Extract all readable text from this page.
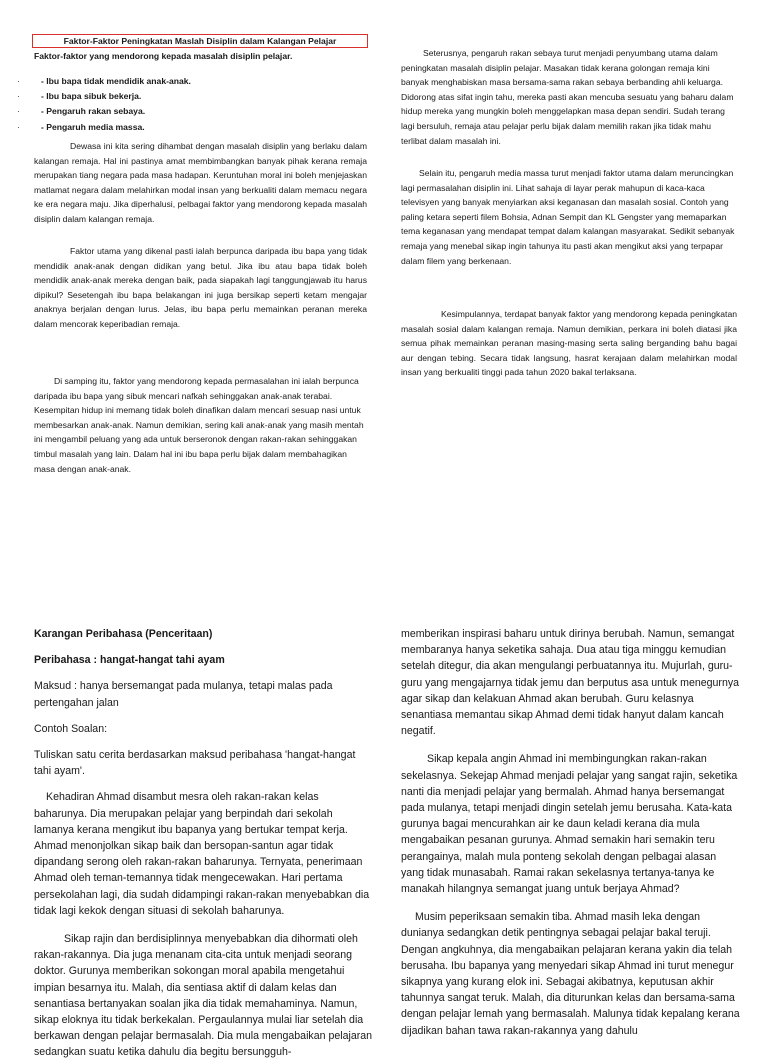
Faktor-Faktor Peningkatan Maslah Disiplin dalam Kalangan Pelajar
Faktor-faktor yang mendorong kepada masalah disiplin pelajar.
· - Ibu bapa tidak mendidik anak-anak.
· - Ibu bapa sibuk bekerja.
· - Pengaruh rakan sebaya.
· - Pengaruh media massa.

Dewasa ini kita sering dihambat dengan masalah disiplin yang berlaku dalam kalangan remaja. Hal ini pastinya amat membimbangkan banyak pihak kerana remaja merupakan tiang negara pada masa hadapan. Keruntuhan moral ini boleh menjejaskan matlamat negara dalam melahirkan modal insan yang berkualiti dalam memacu negara ke era negara maju. Jika diperhalusi, pelbagai faktor yang mendorong kepada masalah disiplin dalam kalangan remaja.

Faktor utama yang dikenal pasti ialah berpunca daripada ibu bapa yang tidak mendidik anak-anak dengan didikan yang betul. Jika ibu atau bapa tidak boleh mendidik anak-anak mereka dengan baik, pada siapakah lagi tanggungjawab itu harus dipikul? Sesetengah ibu bapa belakangan ini juga bersikap seperti ketam mengajar anaknya berjalan dengan lurus. Jelas, ibu bapa perlu memainkan peranan mereka dalam mencorak keperibadian remaja.

Di samping itu, faktor yang mendorong kepada permasalahan ini ialah berpunca daripada ibu bapa yang sibuk mencari nafkah sehinggakan anak-anak terabai. Kesempitan hidup ini memang tidak boleh dinafikan dalam mencari sesuap nasi untuk membesarkan anak-anak. Namun demikian, sering kali anak-anak yang masih mentah ini mengambil peluang yang ada untuk berseronok dengan rakan-rakan sehinggakan timbul masalah yang lain. Dalam hal ini ibu bapa perlu bijak dalam membahagikan masa dengan anak-anak.

Seterusnya, pengaruh rakan sebaya turut menjadi penyumbang utama dalam peningkatan masalah disiplin pelajar. Masakan tidak kerana golongan remaja kini banyak menghabiskan masa bersama-sama rakan sebaya berbanding ahli keluarga. Didorong atas sifat ingin tahu, mereka pasti akan mencuba sesuatu yang baharu dalam hidup mereka yang mungkin boleh menggelapkan masa depan sendiri. Sudah terang lagi bersuluh, remaja atau pelajar perlu bijak dalam memilih rakan jika tidak mahu terlibat dalam masalah ini.

Selain itu, pengaruh media massa turut menjadi faktor utama dalam meruncingkan lagi permasalahan disiplin ini. Lihat sahaja di layar perak mahupun di kaca-kaca televisyen yang banyak menyiarkan aksi keganasan dan masalah sosial. Contoh yang paling ketara seperti filem Bohsia, Adnan Sempit dan KL Gengster yang memaparkan tema keganasan yang mendapat tempat dalam kalangan masyarakat. Sedikit sebanyak remaja yang menebal sikap ingin tahunya itu pasti akan mengikut aksi yang terpapar dalam filem yang berkenaan.

Kesimpulannya, terdapat banyak faktor yang mendorong kepada peningkatan masalah sosial dalam kalangan remaja. Namun demikian, perkara ini boleh diatasi jika semua pihak memainkan peranan masing-masing serta saling berganding bahu bagai aur dengan tebing. Secara tidak langsung, hasrat kerajaan dalam melahirkan modal insan yang berkualiti tinggi pada tahun 2020 bakal terlaksana.

Karangan Peribahasa (Penceritaan)

Peribahasa : hangat-hangat tahi ayam

Maksud : hanya bersemangat pada mulanya, tetapi malas pada pertengahan jalan

Contoh Soalan:

Tuliskan satu cerita berdasarkan maksud peribahasa 'hangat-hangat tahi ayam'.

Kehadiran Ahmad disambut mesra oleh rakan-rakan kelas baharunya. Dia merupakan pelajar yang berpindah dari sekolah lamanya kerana mengikut ibu bapanya yang bertukar tempat kerja. Ahmad menonjolkan sikap baik dan bersopan-santun agar tidak dipandang serong oleh rakan-rakan baharunya. Ternyata, penerimaan Ahmad oleh teman-temannya tidak mengecewakan. Hari pertama persekolahan lagi, dia sudah didampingi rakan-rakan menyebabkan dia tidak lagi kekok dengan situasi di sekolah baharunya.

Sikap rajin dan berdisiplinnya menyebabkan dia dihormati oleh rakan-rakannya. Dia juga menanam cita-cita untuk menjadi seorang doktor. Gurunya memberikan sokongan moral apabila mengetahui impian besarnya itu. Malah, dia sentiasa aktif di dalam kelas dan senantiasa bertanyakan soalan jika dia tidak memahaminya. Namun, sikap eloknya itu tidak berkekalan. Pergaulannya mulai liar setelah dia berkawan dengan pelajar bermasalah. Dia mula mengabaikan pelajaran sedangkan suatu ketika dahulu dia begitu bersungguh-

memberikan inspirasi baharu untuk dirinya berubah. Namun, semangat membaranya hanya seketika sahaja. Dua atau tiga minggu kemudian setelah ditegur, dia akan mengulangi perbuatannya itu. Mujurlah, guru-guru yang mengajarnya tidak jemu dan berputus asa untuk menegurnya agar sikap dan kelakuan Ahmad akan berubah. Guru kelasnya senantiasa memantau sikap Ahmad demi tidak hanyut dalam kancah negatif.

Sikap kepala angin Ahmad ini membingungkan rakan-rakan sekelasnya. Sekejap Ahmad menjadi pelajar yang sangat rajin, seketika nanti dia menjadi pelajar yang bermalah. Ahmad hanya bersemangat pada mulanya, tetapi menjadi dingin setelah jemu berusaha. Kata-kata gurunya bagai mencurahkan air ke daun keladi kerana dia mula mengabaikan pesanan gurunya. Ahmad semakin hari semakin teru perangainya, malah mula ponteng sekolah dengan pelbagai alasan yang tidak munasabah. Ramai rakan sekelasnya tertanya-tanya ke manakah hilangnya semangat juang untuk berjaya Ahmad?

Musim peperiksaan semakin tiba. Ahmad masih leka dengan dunianya sedangkan detik pentingnya sebagai pelajar bakal teruji. Dengan angkuhnya, dia mengabaikan pelajaran kerana yakin dia telah berusaha. Ibu bapanya yang menyedari sikap Ahmad ini turut menegur sikapnya yang kurang elok ini. Sebagai akibatnya, keputusan akhir tahunnya sangat teruk. Malah, dia diturunkan kelas dan bersama-sama dengan pelajar lemah yang bermasalah. Malunya tidak kepalang kerana dijadikan bahan tawa rakan-rakannya yang dahulu
